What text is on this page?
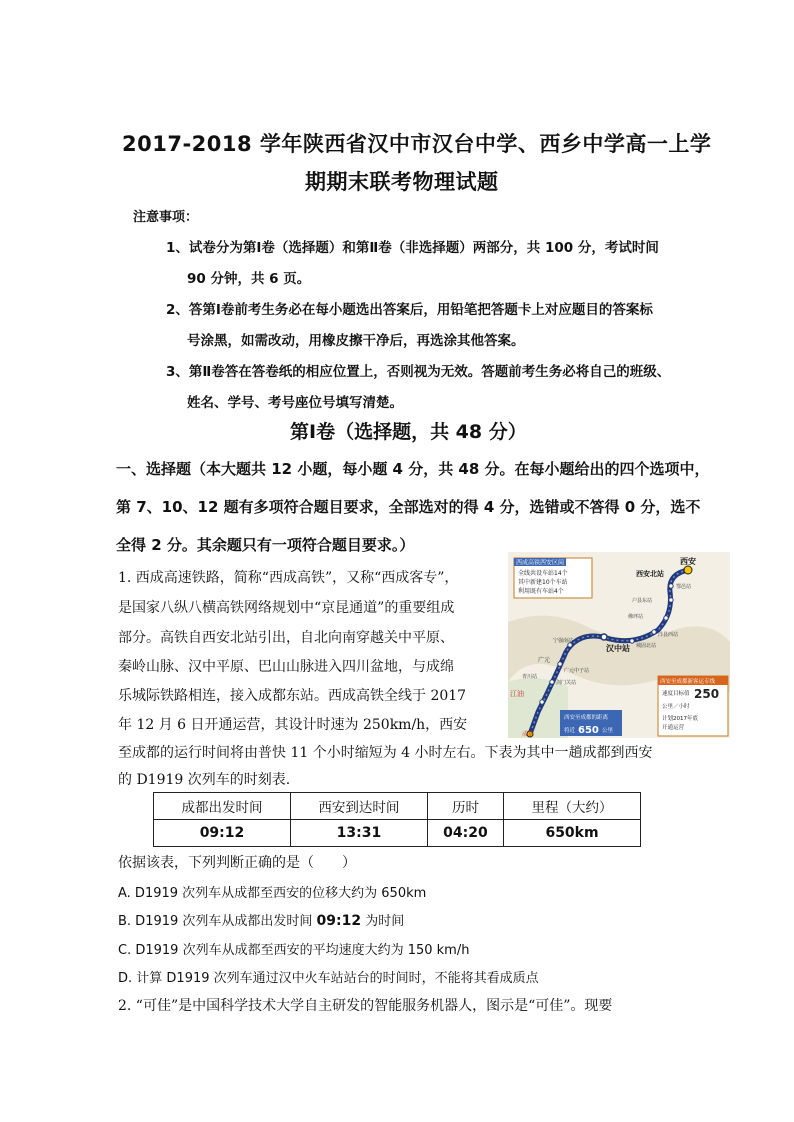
2017-2018 学年陕西省汉中市汉台中学、西乡中学高一上学
期期末联考物理试题
注意事项：
1、试卷分为第Ⅰ卷（选择题）和第Ⅱ卷（非选择题）两部分，共 100 分，考试时间
90 分钟，共 6 页。
2、答第Ⅰ卷前考生务必在每小题选出答案后，用铅笔把答题卡上对应题目的答案标
号涂黑，如需改动，用橡皮擦干净后，再选涂其他答案。
3、第Ⅱ卷答在答卷纸的相应位置上，否则视为无效。答题前考生务必将自己的班级、
姓名、学号、考号座位号填写清楚。
第Ⅰ卷（选择题，共 48 分）
一、选择题（本大题共 12 小题，每小题 4 分，共 48 分。在每小题给出的四个选项中，
第 7、10、12 题有多项符合题目要求，全部选对的得 4 分，选错或不答得 0 分，选不
全得 2 分。其余题只有一项符合题目要求。）
1. 西成高速铁路，简称“西成高铁”，又称“西成客专”，
是国家八纵八横高铁网络规划中“京昆通道”的重要组成
部分。高铁自西安北站引出，自北向南穿越关中平原、
秦岭山脉、汉中平原、巴山山脉进入四川盆地，与成绵
乐城际铁路相连，接入成都东站。西成高铁全线于 2017
年 12 月 6 日开通运营，其设计时速为 250km/h，西安
至成都的运行时间将由普快 11 个小时缩短为 4 小时左右。下表为其中一趟成都到西安
的 D1919 次列车的时刻表.
成都出发时间	西安到达时间	历时	里程（大约）
09:12	13:31	04:20	650km
依据该表，下列判断正确的是（　　）
A. D1919 次列车从成都至西安的位移大约为 650km
B. D1919 次列车从成都出发时间 09:12 为时间
C. D1919 次列车从成都至西安的平均速度大约为 150 km/h
D. 计算 D1919 次列车通过汉中火车站站台的时间时，不能将其看成质点
2. “可佳”是中国科学技术大学自主研发的智能服务机器人，图示是“可佳”。现要
西成高铁西安区间
全线共设车站14个
其中新建10个车站
利用既有车站4个
西安
西安北站
鄠邑站
户县东站
佛坪站
洋县西站
城固北站
汉中站
宁强南站
广元
广元中子站
剑门关站
青川站
江油
成都
西安至成都新客运专线
速度目标值 250
公里／小时
计划2017年底
开通运营
西安至成都的距离
将近 650 公里
